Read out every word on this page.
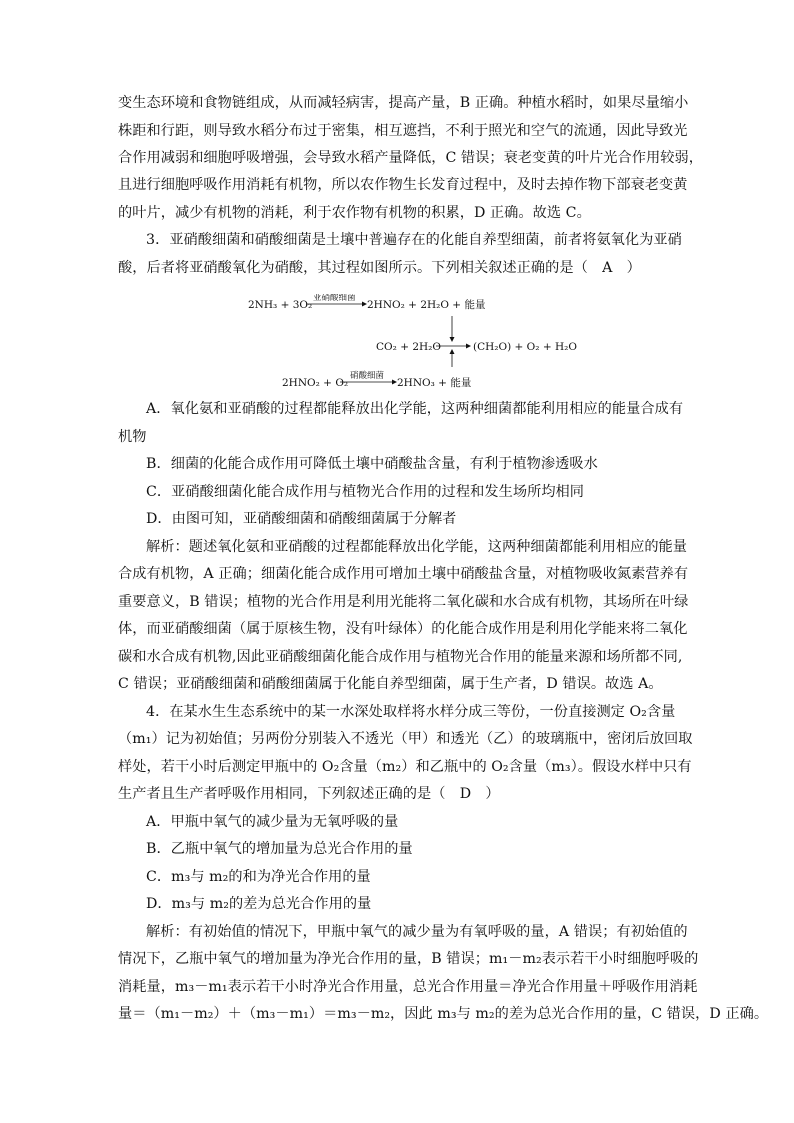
变生态环境和食物链组成，从而减轻病害，提高产量，B 正确。种植水稻时，如果尽量缩小
株距和行距，则导致水稻分布过于密集，相互遮挡，不利于照光和空气的流通，因此导致光
合作用减弱和细胞呼吸增强，会导致水稻产量降低，C 错误；衰老变黄的叶片光合作用较弱，
且进行细胞呼吸作用消耗有机物，所以农作物生长发育过程中，及时去掉作物下部衰老变黄
的叶片，减少有机物的消耗，利于农作物有机物的积累，D 正确。故选 C。
3．亚硝酸细菌和硝酸细菌是土壤中普遍存在的化能自养型细菌，前者将氨氧化为亚硝
酸，后者将亚硝酸氧化为硝酸，其过程如图所示。下列相关叙述正确的是（　A　）
2NH₃ + 3O₂
亚硝酸细菌
2HNO₂ + 2H₂O + 能量
CO₂ + 2H₂O	(CH₂O) + O₂ + H₂O
2HNO₂ + O₂
硝酸细菌
2HNO₃ + 能量
A．氧化氨和亚硝酸的过程都能释放出化学能，这两种细菌都能利用相应的能量合成有
机物
B．细菌的化能合成作用可降低土壤中硝酸盐含量，有利于植物渗透吸水
C．亚硝酸细菌化能合成作用与植物光合作用的过程和发生场所均相同
D．由图可知，亚硝酸细菌和硝酸细菌属于分解者
解析：题述氧化氨和亚硝酸的过程都能释放出化学能，这两种细菌都能利用相应的能量
合成有机物，A 正确；细菌化能合成作用可增加土壤中硝酸盐含量，对植物吸收氮素营养有
重要意义，B 错误；植物的光合作用是利用光能将二氧化碳和水合成有机物，其场所在叶绿
体，而亚硝酸细菌（属于原核生物，没有叶绿体）的化能合成作用是利用化学能来将二氧化
碳和水合成有机物,因此亚硝酸细菌化能合成作用与植物光合作用的能量来源和场所都不同,
C 错误；亚硝酸细菌和硝酸细菌属于化能自养型细菌，属于生产者，D 错误。故选 A。
4．在某水生生态系统中的某一水深处取样将水样分成三等份，一份直接测定 O₂含量
（m₁）记为初始值；另两份分别装入不透光（甲）和透光（乙）的玻璃瓶中，密闭后放回取
样处，若干小时后测定甲瓶中的 O₂含量（m₂）和乙瓶中的 O₂含量（m₃）。假设水样中只有
生产者且生产者呼吸作用相同，下列叙述正确的是（　D　）
A．甲瓶中氧气的减少量为无氧呼吸的量
B．乙瓶中氧气的增加量为总光合作用的量
C．m₃与 m₂的和为净光合作用的量
D．m₃与 m₂的差为总光合作用的量
解析：有初始值的情况下，甲瓶中氧气的减少量为有氧呼吸的量，A 错误；有初始值的
情况下，乙瓶中氧气的增加量为净光合作用的量，B 错误；m₁－m₂表示若干小时细胞呼吸的
消耗量，m₃－m₁表示若干小时净光合作用量，总光合作用量＝净光合作用量＋呼吸作用消耗
量＝（m₁－m₂）＋（m₃－m₁）＝m₃－m₂，因此 m₃与 m₂的差为总光合作用的量，C 错误，D 正确。
